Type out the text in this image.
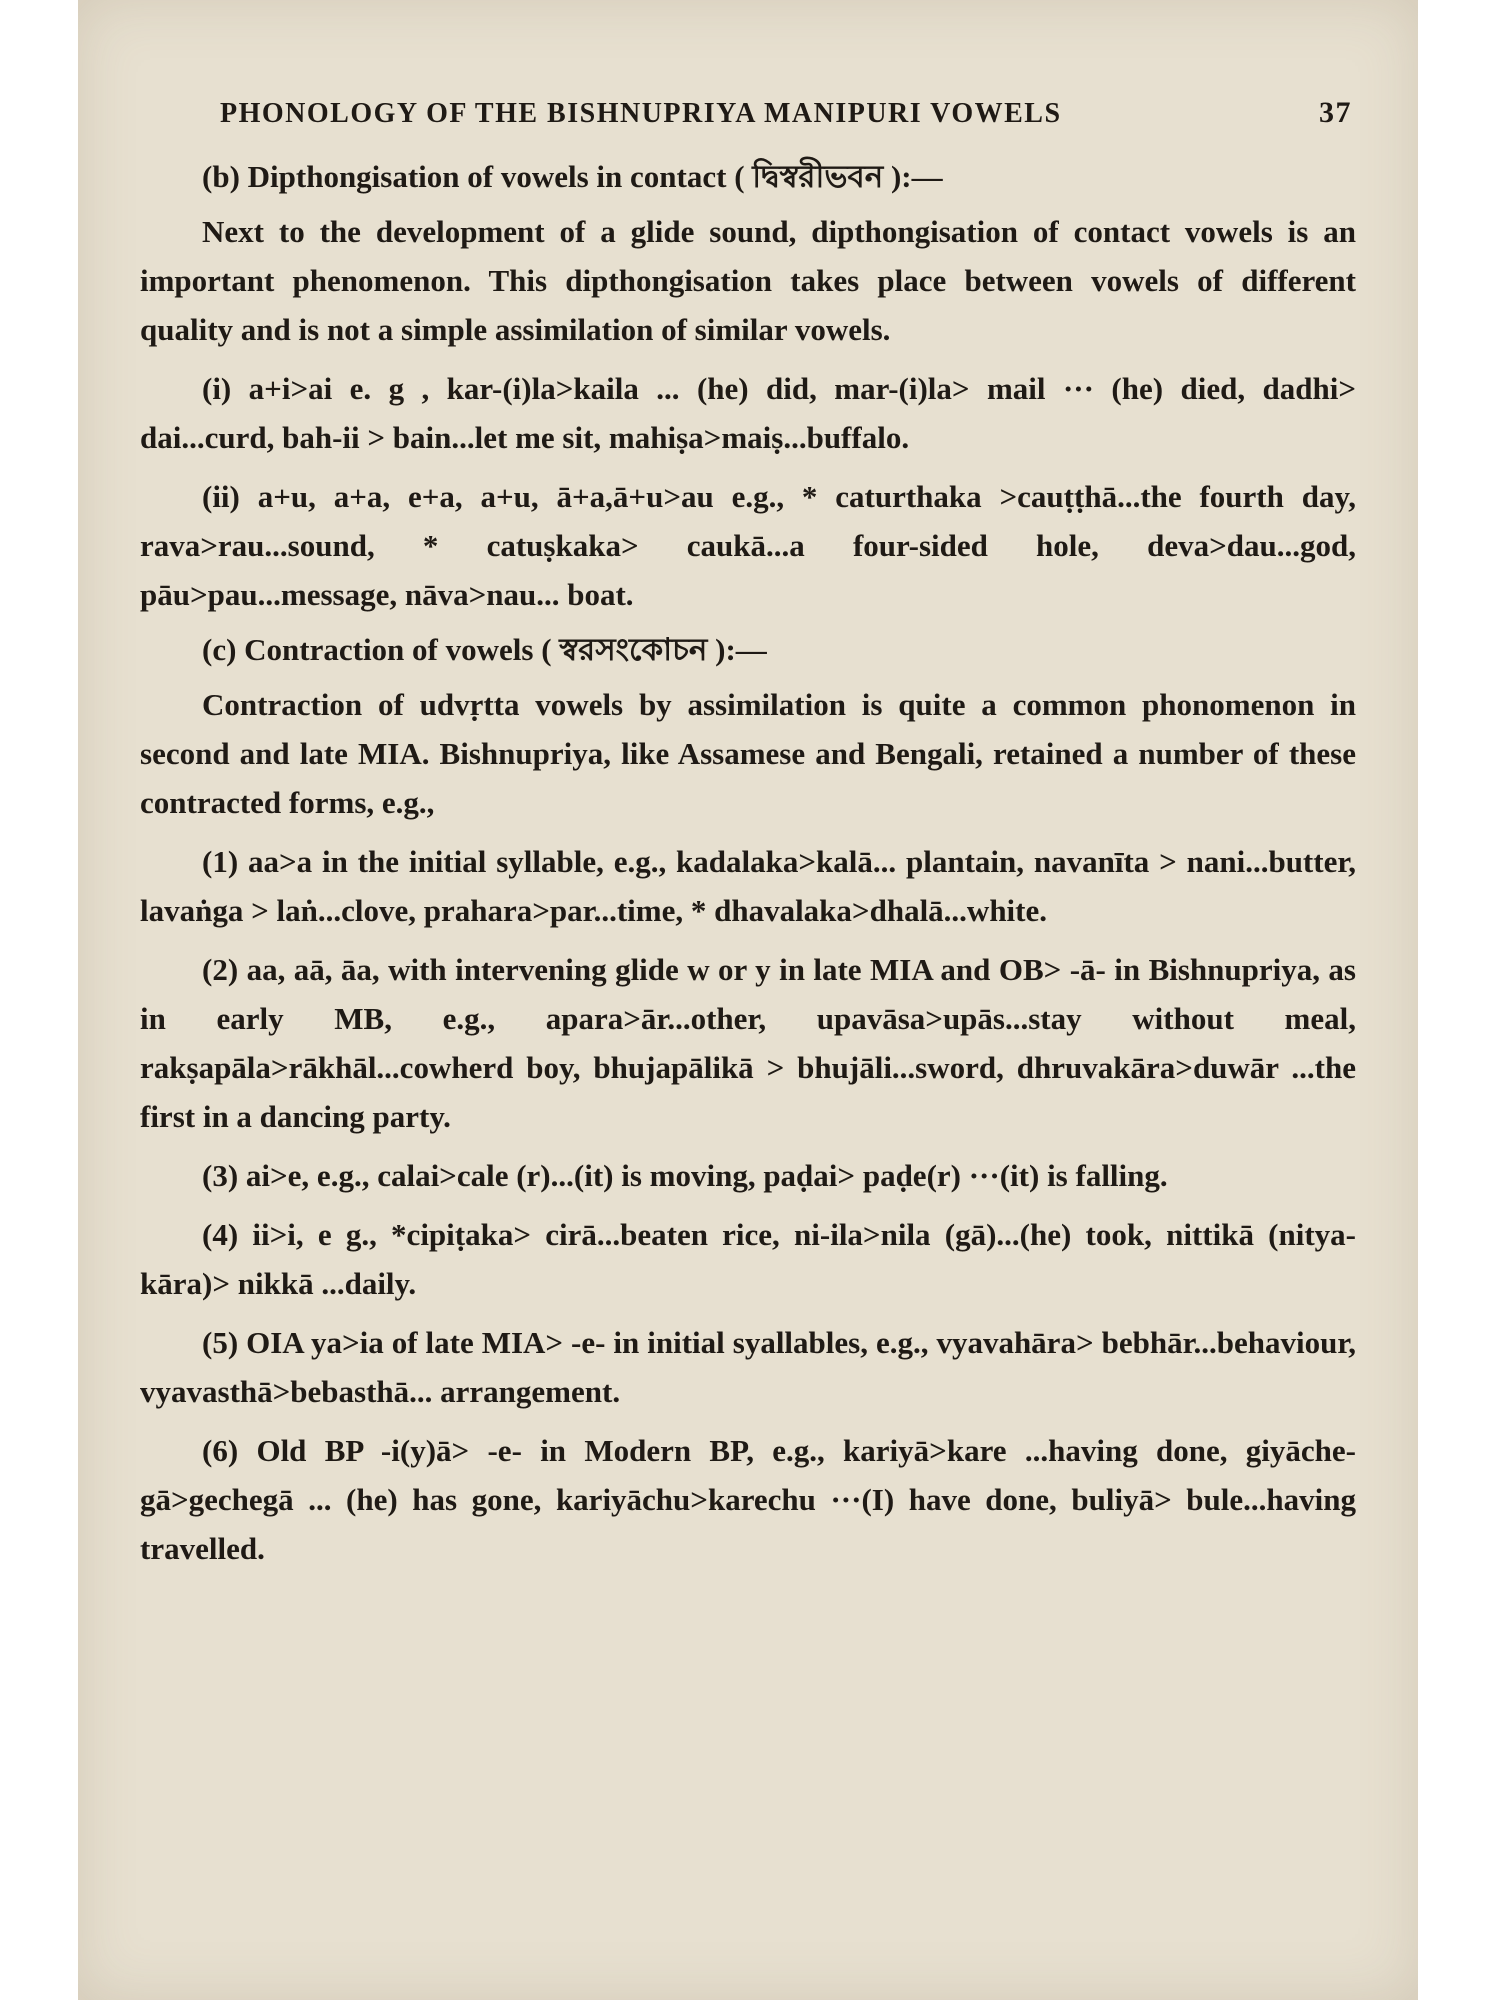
PHONOLOGY OF THE BISHNUPRIYA MANIPURI VOWELS	37

(b) Dipthongisation of vowels in contact ( দ্বিস্বরীভবন ):—

Next to the development of a glide sound, dipthongisation of contact vowels is an important phenomenon. This dipthongisation takes place between vowels of different quality and is not a simple assimilation of similar vowels.

(i) a+i>ai e. g , kar-(i)la>kaila ... (he) did, mar-(i)la> mail ··· (he) died, dadhi> dai...curd, bah-ii > bain...let me sit, mahiṣa>maiṣ...buffalo.

(ii) a+u, a+a, e+a, a+u, ā+a,ā+u>au e.g., * caturthaka >cauṭṭhā...the fourth day, rava>rau...sound, * catuṣkaka> caukā...a four-sided hole, deva>dau...god, pāu>pau...message, nāva>nau... boat.

(c) Contraction of vowels ( স্বরসংকোচন ):—

Contraction of udvṛtta vowels by assimilation is quite a common phonomenon in second and late MIA. Bishnupriya, like Assamese and Bengali, retained a number of these contracted forms, e.g.,

(1) aa>a in the initial syllable, e.g., kadalaka>kalā... plantain, navanīta > nani...butter, lavaṅga > laṅ...clove, prahara>par...time, * dhavalaka>dhalā...white.

(2) aa, aā, āa, with intervening glide w or y in late MIA and OB> -ā- in Bishnupriya, as in early MB, e.g., apara>ār...other, upavāsa>upās...stay without meal, rakṣapāla>rākhāl...cowherd boy, bhujapālikā > bhujāli...sword, dhruvakāra>duwār ...the first in a dancing party.

(3) ai>e, e.g., calai>cale (r)...(it) is moving, paḍai> paḍe(r) ···(it) is falling.

(4) ii>i, e g., *cipiṭaka> cirā...beaten rice, ni-ila>nila (gā)...(he) took, nittikā (nitya-kāra)> nikkā ...daily.

(5) OIA ya>ia of late MIA> -e- in initial syallables, e.g., vyavahāra> bebhār...behaviour, vyavasthā>bebasthā... arrangement.

(6) Old BP -i(y)ā> -e- in Modern BP, e.g., kariyā>kare ...having done, giyāche-gā>gechegā ... (he) has gone, kariyāchu>karechu ···(I) have done, buliyā> bule...having travelled.
